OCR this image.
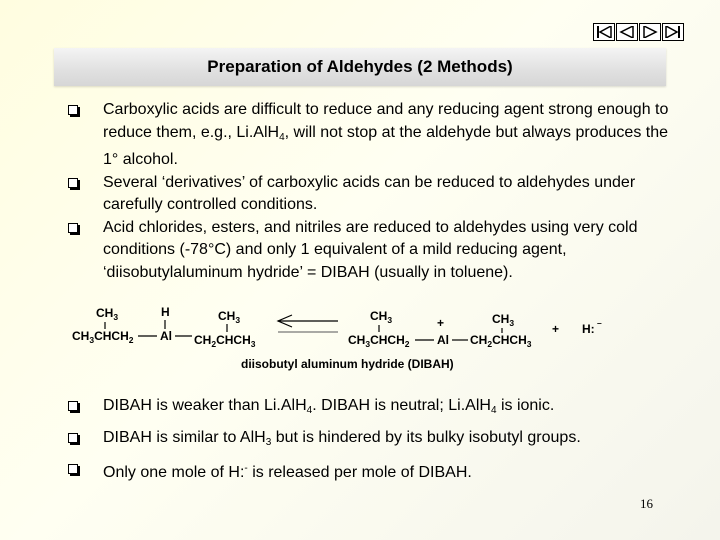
Preparation of Aldehydes (2 Methods)
Carboxylic acids are difficult to reduce and any reducing agent strong enough to reduce them, e.g., Li.AlH$_4$, will not stop at the aldehyde but always produces the 1° alcohol.
Several ‘derivatives’ of carboxylic acids can be reduced to aldehydes under carefully controlled conditions.
Acid chlorides, esters, and nitriles are reduced to aldehydes using very cold conditions (-78°C) and only 1 equivalent of a mild reducing agent, ‘diisobutylaluminum hydride’ = DIBAH (usually in toluene).
$CH_3$	H	$CH_3$
$CH_3CHCH_2$ Al $CH_2CHCH_3$
$CH_3$	+	$CH_3$
$CH_3CHCH_2$ Al $CH_2CHCH_3$
+ H: –
diisobutyl aluminum hydride (DIBAH)
DIBAH is weaker than Li.AlH$_4$. DIBAH is neutral; Li.AlH$_4$ is ionic.
DIBAH is similar to AlH$_3$ but is hindered by its bulky isobutyl groups.
Only one mole of H:- is released per mole of DIBAH.
16
